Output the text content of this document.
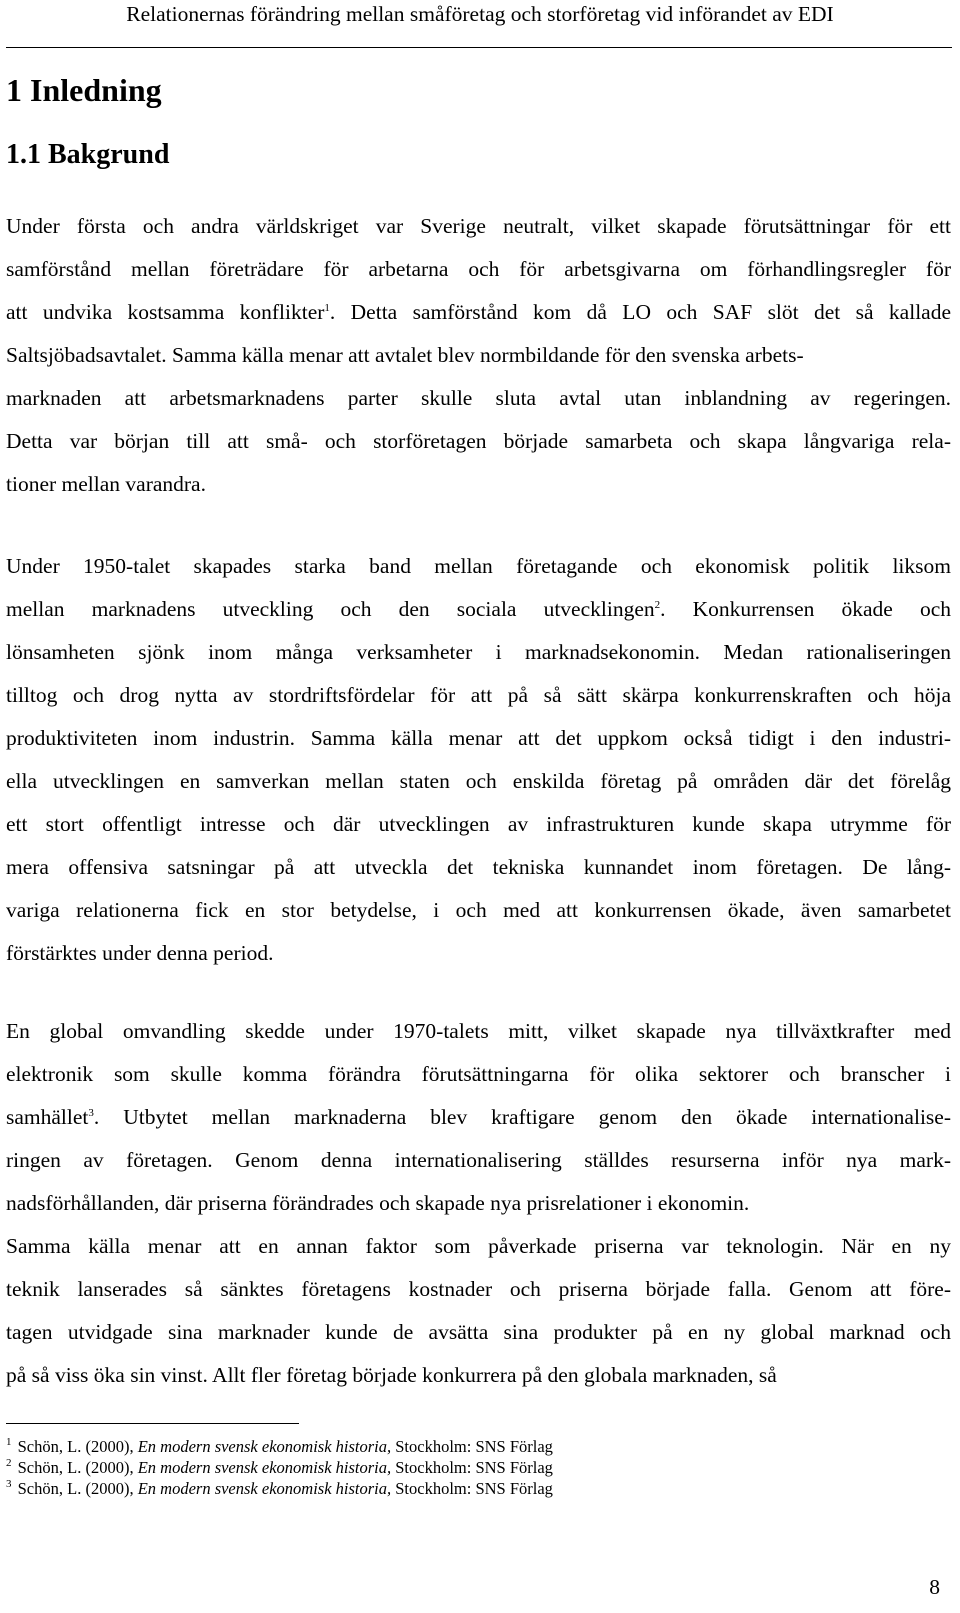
Relationernas förändring mellan småföretag och storföretag vid införandet av EDI
1 Inledning
1.1 Bakgrund
Under första och andra världskriget var Sverige neutralt, vilket skapade förutsättningar för ett
samförstånd mellan företrädare för arbetarna och för arbetsgivarna om förhandlingsregler för
att undvika kostsamma konflikter$^1$. Detta samförstånd kom då LO och SAF slöt det så kallade
Saltsjöbadsavtalet. Samma källa menar att avtalet blev normbildande för den svenska arbets-
marknaden att arbetsmarknadens parter skulle sluta avtal utan inblandning av regeringen.
Detta var början till att små- och storföretagen började samarbeta och skapa långvariga rela-
tioner mellan varandra.
Under 1950-talet skapades starka band mellan företagande och ekonomisk politik liksom
mellan marknadens utveckling och den sociala utvecklingen$^2$. Konkurrensen ökade och
lönsamheten sjönk inom många verksamheter i marknadsekonomin. Medan rationaliseringen
tilltog och drog nytta av stordriftsfördelar för att på så sätt skärpa konkurrenskraften och höja
produktiviteten inom industrin. Samma källa menar att det uppkom också tidigt i den industri-
ella utvecklingen en samverkan mellan staten och enskilda företag på områden där det förelåg
ett stort offentligt intresse och där utvecklingen av infrastrukturen kunde skapa utrymme för
mera offensiva satsningar på att utveckla det tekniska kunnandet inom företagen. De lång-
variga relationerna fick en stor betydelse, i och med att konkurrensen ökade, även samarbetet
förstärktes under denna period.
En global omvandling skedde under 1970-talets mitt, vilket skapade nya tillväxtkrafter med
elektronik som skulle komma förändra förutsättningarna för olika sektorer och branscher i
samhället$^3$. Utbytet mellan marknaderna blev kraftigare genom den ökade internationalise-
ringen av företagen. Genom denna internationalisering ställdes resurserna inför nya mark-
nadsförhållanden, där priserna förändrades och skapade nya prisrelationer i ekonomin.
Samma källa menar att en annan faktor som påverkade priserna var teknologin. När en ny
teknik lanserades så sänktes företagens kostnader och priserna började falla. Genom att före-
tagen utvidgade sina marknader kunde de avsätta sina produkter på en ny global marknad och
på så viss öka sin vinst. Allt fler företag började konkurrera på den globala marknaden, så
$^1$ Schön, L. (2000), En modern svensk ekonomisk historia, Stockholm: SNS Förlag
$^2$ Schön, L. (2000), En modern svensk ekonomisk historia, Stockholm: SNS Förlag
$^3$ Schön, L. (2000), En modern svensk ekonomisk historia, Stockholm: SNS Förlag
8
